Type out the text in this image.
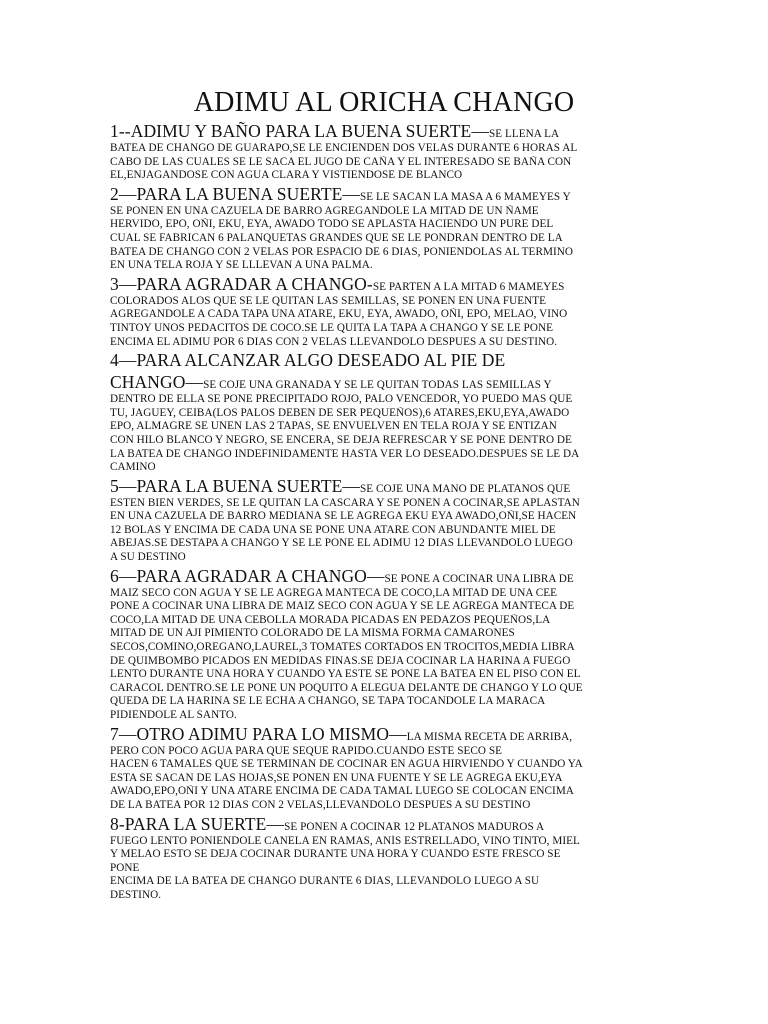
ADIMU AL ORICHA CHANGO
1--ADIMU Y BAÑO PARA LA BUENA SUERTE—SE LLENA LA
BATEA DE CHANGO DE GUARAPO,SE LE ENCIENDEN DOS VELAS DURANTE 6 HORAS AL
CABO DE LAS CUALES SE LE SACA EL JUGO DE CAÑA Y EL INTERESADO SE BAÑA CON
EL,ENJAGANDOSE CON AGUA CLARA Y VISTIENDOSE DE BLANCO
2—PARA LA BUENA SUERTE—SE LE SACAN LA MASA A 6 MAMEYES Y
SE PONEN EN UNA CAZUELA DE BARRO AGREGANDOLE LA MITAD DE UN ÑAME
HERVIDO, EPO, OÑI, EKU, EYA, AWADO TODO SE APLASTA HACIENDO UN PURE DEL
CUAL SE FABRICAN 6 PALANQUETAS GRANDES QUE SE LE PONDRAN DENTRO DE LA
BATEA DE CHANGO CON 2 VELAS POR ESPACIO DE 6 DIAS, PONIENDOLAS AL TERMINO
EN UNA TELA ROJA Y SE LLLEVAN A UNA PALMA.
3—PARA AGRADAR A CHANGO-SE PARTEN A LA MITAD 6 MAMEYES
COLORADOS ALOS QUE SE LE QUITAN LAS SEMILLAS, SE PONEN EN UNA FUENTE
AGREGANDOLE A CADA TAPA UNA ATARE, EKU, EYA, AWADO, OÑI, EPO, MELAO, VINO
TINTOY UNOS PEDACITOS DE COCO.SE LE QUITA LA TAPA A CHANGO Y SE LE PONE
ENCIMA EL ADIMU POR 6 DIAS CON 2 VELAS LLEVANDOLO DESPUES A SU DESTINO.
4—PARA ALCANZAR ALGO DESEADO AL PIE DE
CHANGO—SE COJE UNA GRANADA Y SE LE QUITAN TODAS LAS SEMILLAS Y
DENTRO DE ELLA SE PONE PRECIPITADO ROJO, PALO VENCEDOR, YO PUEDO MAS QUE
TU, JAGUEY, CEIBA(LOS PALOS DEBEN DE SER PEQUEÑOS),6 ATARES,EKU,EYA,AWADO
EPO, ALMAGRE SE UNEN LAS 2 TAPAS, SE ENVUELVEN EN TELA ROJA Y SE ENTIZAN
CON HILO BLANCO Y NEGRO, SE ENCERA, SE DEJA REFRESCAR Y SE PONE DENTRO DE
LA BATEA DE CHANGO INDEFINIDAMENTE HASTA VER LO DESEADO.DESPUES SE LE DA
CAMINO
5—PARA LA BUENA SUERTE—SE COJE UNA MANO DE PLATANOS QUE
ESTEN BIEN VERDES, SE LE QUITAN LA CASCARA Y SE PONEN A COCINAR,SE APLASTAN
EN UNA CAZUELA DE BARRO MEDIANA SE LE AGREGA EKU EYA AWADO,OÑI,SE HACEN
12 BOLAS Y ENCIMA DE CADA UNA SE PONE UNA ATARE CON ABUNDANTE MIEL DE
ABEJAS.SE DESTAPA A CHANGO Y SE LE PONE EL ADIMU 12 DIAS LLEVANDOLO LUEGO
A SU DESTINO
6—PARA AGRADAR A CHANGO—SE PONE A COCINAR UNA LIBRA DE
MAIZ SECO CON AGUA Y SE LE AGREGA MANTECA DE COCO,LA MITAD DE UNA CEE
PONE A COCINAR UNA LIBRA DE MAIZ SECO CON AGUA Y SE LE AGREGA MANTECA DE
COCO,LA MITAD DE UNA CEBOLLA MORADA PICADAS EN PEDAZOS PEQUEÑOS,LA
MITAD DE UN AJI PIMIENTO COLORADO DE LA MISMA FORMA CAMARONES
SECOS,COMINO,OREGANO,LAUREL,3 TOMATES CORTADOS EN TROCITOS,MEDIA LIBRA
DE QUIMBOMBO PICADOS EN MEDIDAS FINAS.SE DEJA COCINAR LA HARINA A FUEGO
LENTO DURANTE UNA HORA Y CUANDO YA ESTE SE PONE LA BATEA EN EL PISO CON EL
CARACOL DENTRO.SE LE PONE UN POQUITO A ELEGUA DELANTE DE CHANGO Y LO QUE
QUEDA DE LA HARINA SE LE ECHA A CHANGO, SE TAPA TOCANDOLE LA MARACA
PIDIENDOLE AL SANTO.
7—OTRO ADIMU PARA LO MISMO—LA MISMA RECETA DE ARRIBA,
PERO CON POCO AGUA PARA QUE SEQUE RAPIDO.CUANDO ESTE SECO SE
HACEN 6 TAMALES QUE SE TERMINAN DE COCINAR EN AGUA HIRVIENDO Y CUANDO YA
ESTA SE SACAN DE LAS HOJAS,SE PONEN EN UNA FUENTE Y SE LE AGREGA EKU,EYA
AWADO,EPO,OÑI Y UNA ATARE ENCIMA DE CADA TAMAL LUEGO SE COLOCAN ENCIMA
DE LA BATEA POR 12 DIAS CON 2 VELAS,LLEVANDOLO DESPUES A SU DESTINO
8-PARA LA SUERTE—SE PONEN A COCINAR 12 PLATANOS MADUROS A
FUEGO LENTO PONIENDOLE CANELA EN RAMAS, ANÍS ESTRELLADO, VINO TINTO, MIEL
Y MELAO ESTO SE DEJA COCINAR DURANTE UNA HORA Y CUANDO ESTE FRESCO SE
PONE
ENCIMA DE LA BATEA DE CHANGO DURANTE 6 DIAS, LLEVANDOLO LUEGO A SU
DESTINO.
